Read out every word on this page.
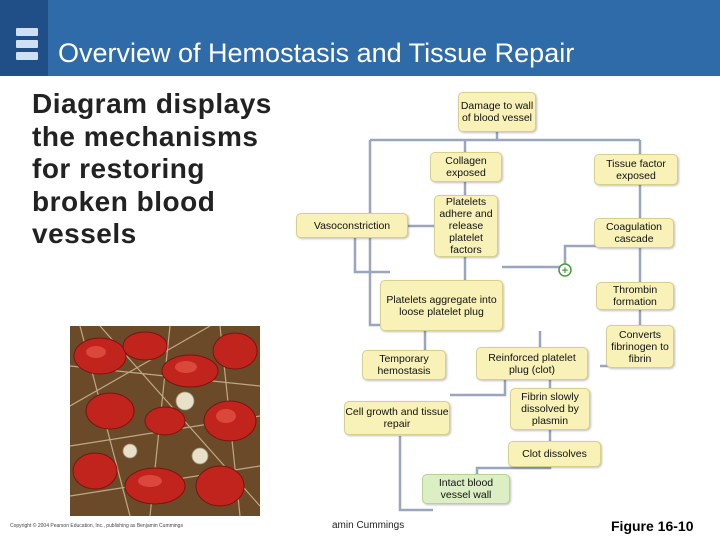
Overview of Hemostasis and Tissue Repair
Diagram displays the mechanisms for restoring broken blood vessels
Copyright © 2004 Pearson Education, Inc., publishing as Benjamin Cummings	amin Cummings	Figure 16-10
+
Damage to wall of blood vessel
Collagen exposed
Tissue factor exposed
Vasoconstriction
Platelets adhere and release platelet factors
Coagulation cascade
Platelets aggregate into loose platelet plug
Thrombin formation
Temporary hemostasis
Reinforced platelet plug (clot)
Converts fibrinogen to fibrin
Cell growth and tissue repair
Fibrin slowly dissolved by plasmin
Clot dissolves
Intact blood vessel wall
